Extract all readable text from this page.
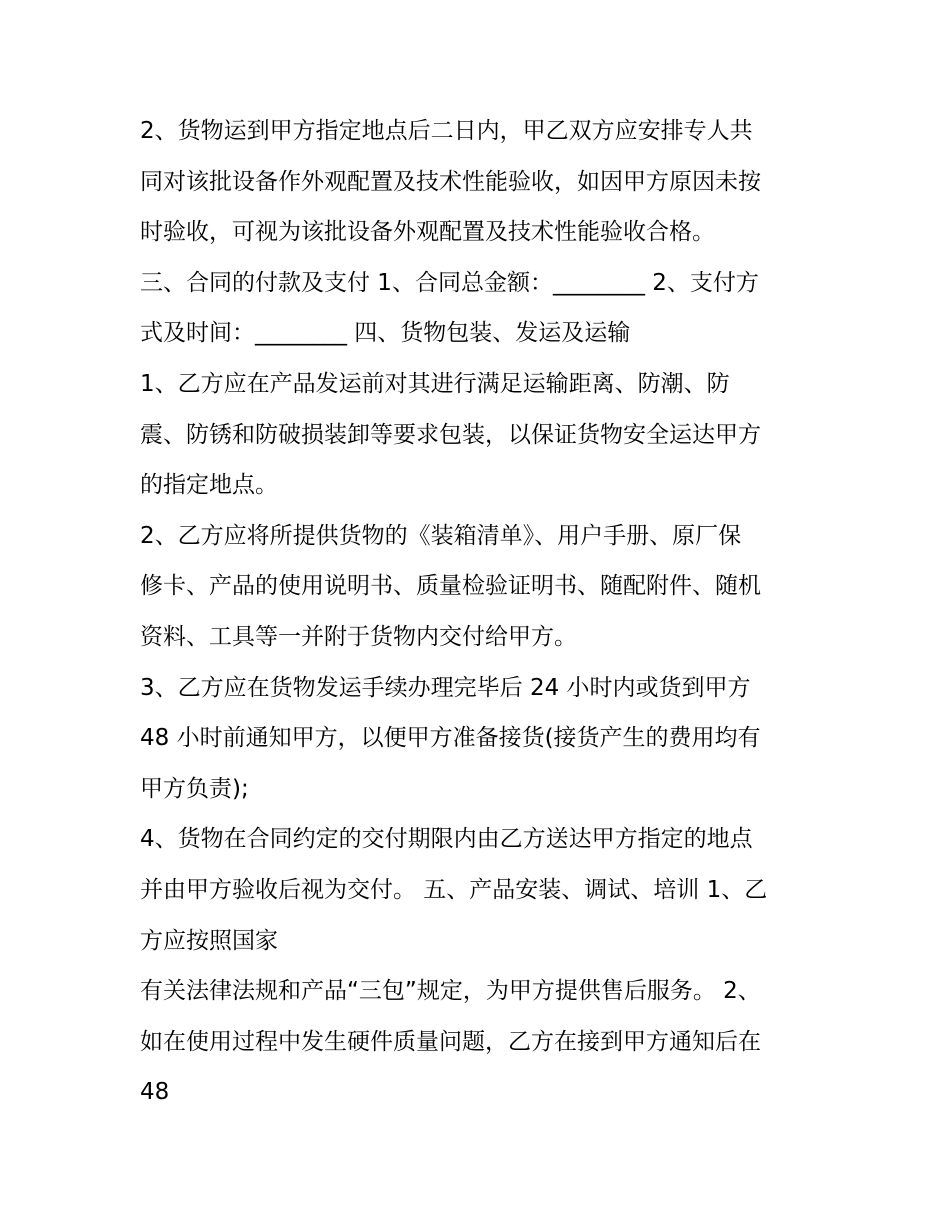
2、货物运到甲方指定地点后二日内，甲乙双方应安排专人共
同对该批设备作外观配置及技术性能验收，如因甲方原因未按
时验收，可视为该批设备外观配置及技术性能验收合格。
三、合同的付款及支付 1、合同总金额：________ 2、支付方
式及时间：________ 四、货物包装、发运及运输
1、乙方应在产品发运前对其进行满足运输距离、防潮、防
震、防锈和防破损装卸等要求包装，以保证货物安全运达甲方
的指定地点。
2、乙方应将所提供货物的《装箱清单》、用户手册、原厂保
修卡、产品的使用说明书、质量检验证明书、随配附件、随机
资料、工具等一并附于货物内交付给甲方。
3、乙方应在货物发运手续办理完毕后 24 小时内或货到甲方
48 小时前通知甲方，以便甲方准备接货(接货产生的费用均有
甲方负责);
4、货物在合同约定的交付期限内由乙方送达甲方指定的地点
并由甲方验收后视为交付。 五、产品安装、调试、培训 1、乙
方应按照国家
有关法律法规和产品“三包”规定，为甲方提供售后服务。 2、
如在使用过程中发生硬件质量问题，乙方在接到甲方通知后在
48
